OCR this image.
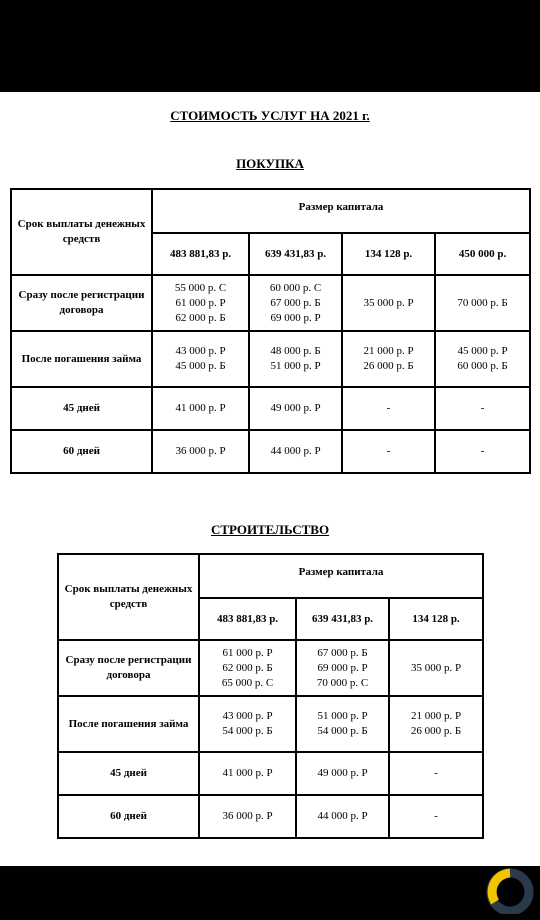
СТОИМОСТЬ УСЛУГ НА 2021 г.
ПОКУПКА
Срок выплаты денежных средств	Размер капитала			
	483 881,83 р.	639 431,83 р.	134 128 р.	450 000 р.
Сразу после регистрации договора	55 000 р. С
61 000 р. Р
62 000 р. Б	60 000 р. С
67 000 р. Б
69 000 р. Р	35 000 р. Р	70 000 р. Б

После погашения займа	43 000 р. Р
45 000 р. Б	48 000 р. Б
51 000 р. Р	21 000 р. Р
26 000 р. Б	45 000 р. Р
60 000 р. Б

45 дней	41 000 р. Р	49 000 р. Р	-	-

60 дней	36 000 р. Р	44 000 р. Р	-	-
СТРОИТЕЛЬСТВО
Срок выплаты денежных средств	Размер капитала		
	483 881,83 р.	639 431,83 р.	134 128 р.
Сразу после регистрации договора	61 000 р. Р
62 000 р. Б
65 000 р. С	67 000 р. Б
69 000 р. Р
70 000 р. С	35 000 р. Р

После погашения займа	43 000 р. Р
54 000 р. Б	51 000 р. Р
54 000 р. Б	21 000 р. Р
26 000 р. Б

45 дней	41 000 р. Р	49 000 р. Р	-

60 дней	36 000 р. Р	44 000 р. Р	-
